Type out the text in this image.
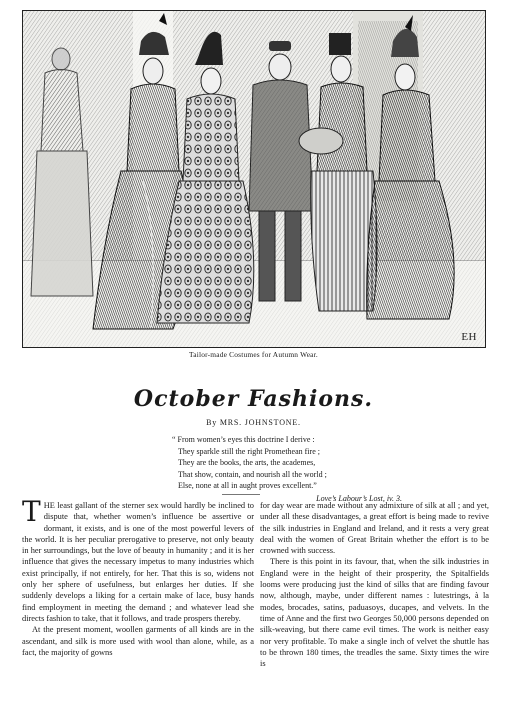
EH
Tailor-made Costumes for Autumn Wear.
October Fashions.
By MRS. JOHNSTONE.
“ From women’s eyes this doctrine I derive :
They sparkle still the right Promethean fire ;
They are the books, the arts, the academes,
That show, contain, and nourish all the world ;
Else, none at all in aught proves excellent.”
Love’s Labour’s Lost, iv. 3.

THE least gallant of the sterner sex would hardly be inclined to dispute that, whether women’s influence be assertive or dormant, it exists, and is one of the most powerful levers of the world. It is her peculiar prerogative to preserve, not only beauty in her surroundings, but the love of beauty in humanity ; and it is her influence that gives the necessary impetus to many industries which exist principally, if not entirely, for her. That this is so, widens not only her sphere of usefulness, but enlarges her duties. If she suddenly develops a liking for a certain make of lace, busy hands find employment in meeting the demand ; and whatever lead she directs fashion to take, that it follows, and trade prospers thereby.

At the present moment, woollen garments of all kinds are in the ascendant, and silk is more used with wool than alone, while, as a fact, the majority of gowns

for day wear are made without any admixture of silk at all ; and yet, under all these disadvantages, a great effort is being made to revive the silk industries in England and Ireland, and it rests a very great deal with the women of Great Britain whether the effort is to be crowned with success.

There is this point in its favour, that, when the silk industries in England were in the height of their prosperity, the Spitalfields looms were producing just the kind of silks that are finding favour now, although, maybe, under different names : lutestrings, à la modes, brocades, satins, paduasoys, ducapes, and velvets. In the time of Anne and the first two Georges 50,000 persons depended on silk-weaving, but there came evil times. The work is neither easy nor very profitable. To make a single inch of velvet the shuttle has to be thrown 180 times, the treadles the same. Sixty times the wire is
